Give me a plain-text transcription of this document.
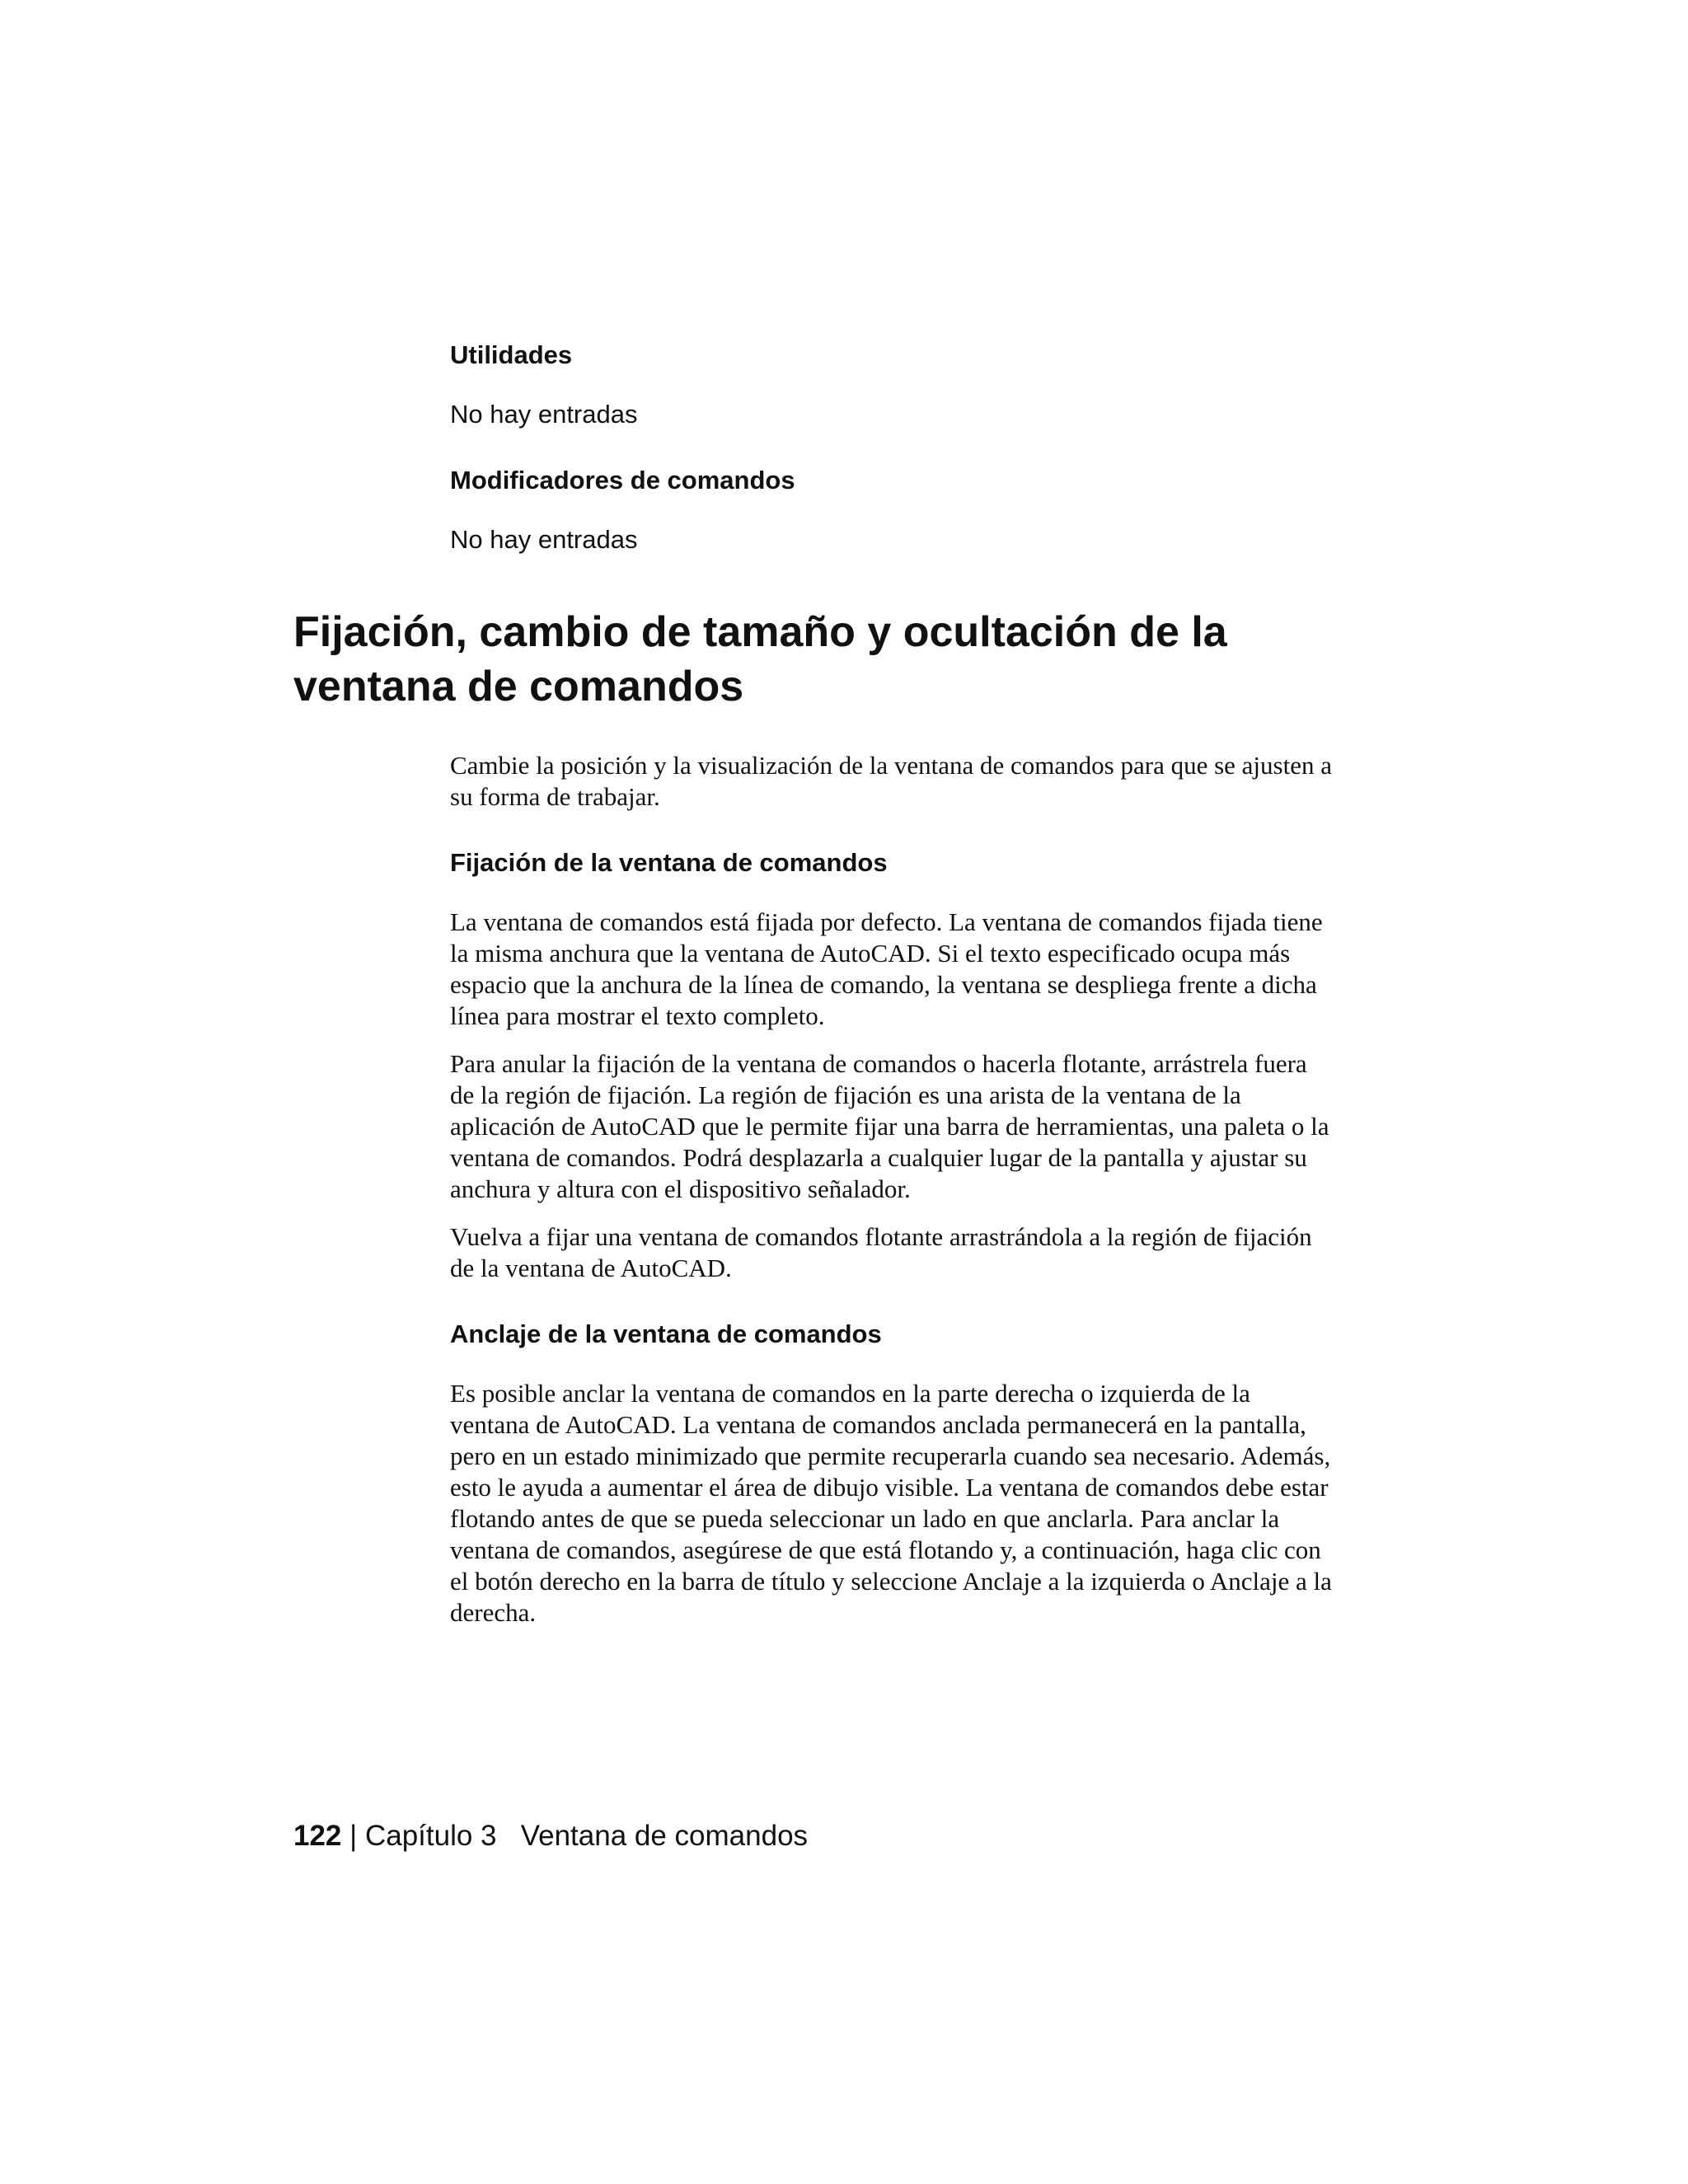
Utilidades
No hay entradas
Modificadores de comandos
No hay entradas
Fijación, cambio de tamaño y ocultación de la
ventana de comandos

Cambie la posición y la visualización de la ventana de comandos para que se ajusten a su forma de trabajar.

Fijación de la ventana de comandos

La ventana de comandos está fijada por defecto. La ventana de comandos fijada tiene la misma anchura que la ventana de AutoCAD. Si el texto especificado ocupa más espacio que la anchura de la línea de comando, la ventana se despliega frente a dicha línea para mostrar el texto completo.

Para anular la fijación de la ventana de comandos o hacerla flotante, arrástrela fuera de la región de fijación. La región de fijación es una arista de la ventana de la aplicación de AutoCAD que le permite fijar una barra de herramientas, una paleta o la ventana de comandos. Podrá desplazarla a cualquier lugar de la pantalla y ajustar su anchura y altura con el dispositivo señalador.

Vuelva a fijar una ventana de comandos flotante arrastrándola a la región de fijación de la ventana de AutoCAD.

Anclaje de la ventana de comandos

Es posible anclar la ventana de comandos en la parte derecha o izquierda de la ventana de AutoCAD. La ventana de comandos anclada permanecerá en la pantalla, pero en un estado minimizado que permite recuperarla cuando sea necesario. Además, esto le ayuda a aumentar el área de dibujo visible. La ventana de comandos debe estar flotando antes de que se pueda seleccionar un lado en que anclarla. Para anclar la ventana de comandos, asegúrese de que está flotando y, a continuación, haga clic con el botón derecho en la barra de título y seleccione Anclaje a la izquierda o Anclaje a la derecha.

122 | Capítulo 3 Ventana de comandos
